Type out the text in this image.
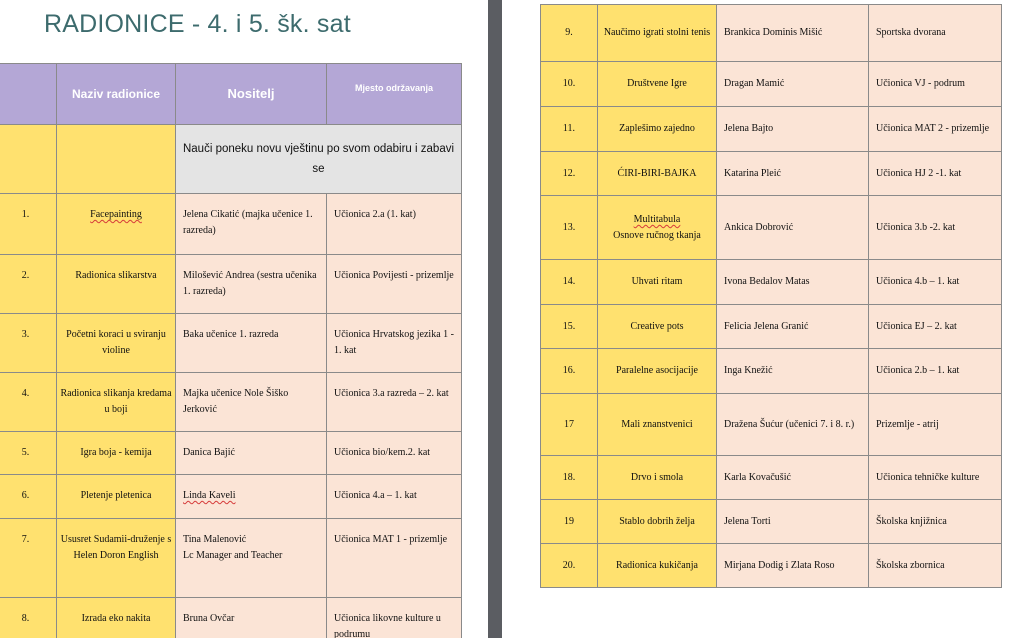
RADIONICE - 4. i 5. šk. sat
	Naziv radionice	Nositelj	Mjesto održavanja
		Nauči poneku novu vještinu po svom odabiru i zabavi se	
1.	Facepainting	Jelena Cikatić (majka učenice 1. razreda)	Učionica 2.a (1. kat)
2.	Radionica slikarstva	Milošević Andrea (sestra učenika 1. razreda)	Učionica Povijesti - prizemlje
3.	Početni koraci u sviranju violine	Baka učenice 1. razreda	Učionica Hrvatskog jezika 1 - 1. kat
4.	Radionica slikanja kredama u boji	Majka učenice Nole Šiško Jerković	Učionica 3.a razreda – 2. kat
5.	Igra boja - kemija	Danica Bajić	Učionica bio/kem.2. kat
6.	Pletenje pletenica	Linda Kaveli	Učionica 4.a – 1. kat
7.	Ususret Sudamii-druženje s Helen Doron English	Tina Malenović
Lc Manager and Teacher	Učionica MAT 1 - prizemlje
8.	Izrada eko nakita	Bruna Ovčar	Učionica likovne kulture u podrumu
9.	Naučimo igrati stolni tenis	Brankica Dominis Mišić	Sportska dvorana
10.	Društvene Igre	Dragan Mamić	Učionica VJ - podrum
11.	Zaplešimo zajedno	Jelena Bajto	Učionica MAT 2 - prizemlje
12.	ĆIRI-BIRI-BAJKA	Katarina Pleić	Učionica HJ 2 -1. kat
13.	Multitabula
Osnove ručnog tkanja	Ankica Dobrović	Učionica 3.b -2. kat
14.	Uhvati ritam	Ivona Bedalov Matas	Učionica 4.b – 1. kat
15.	Creative pots	Felicia Jelena Granić	Učionica EJ – 2. kat
16.	Paralelne asocijacije	Inga Knežić	Učionica 2.b – 1. kat
17	Mali znanstvenici	Dražena Šućur (učenici 7. i 8. r.)	Prizemlje - atrij
18.	Drvo i smola	Karla Kovačušić	Učionica tehničke kulture
19	Stablo dobrih želja	Jelena Torti	Školska knjižnica
20.	Radionica kukičanja	Mirjana Dodig i Zlata Roso	Školska zbornica
